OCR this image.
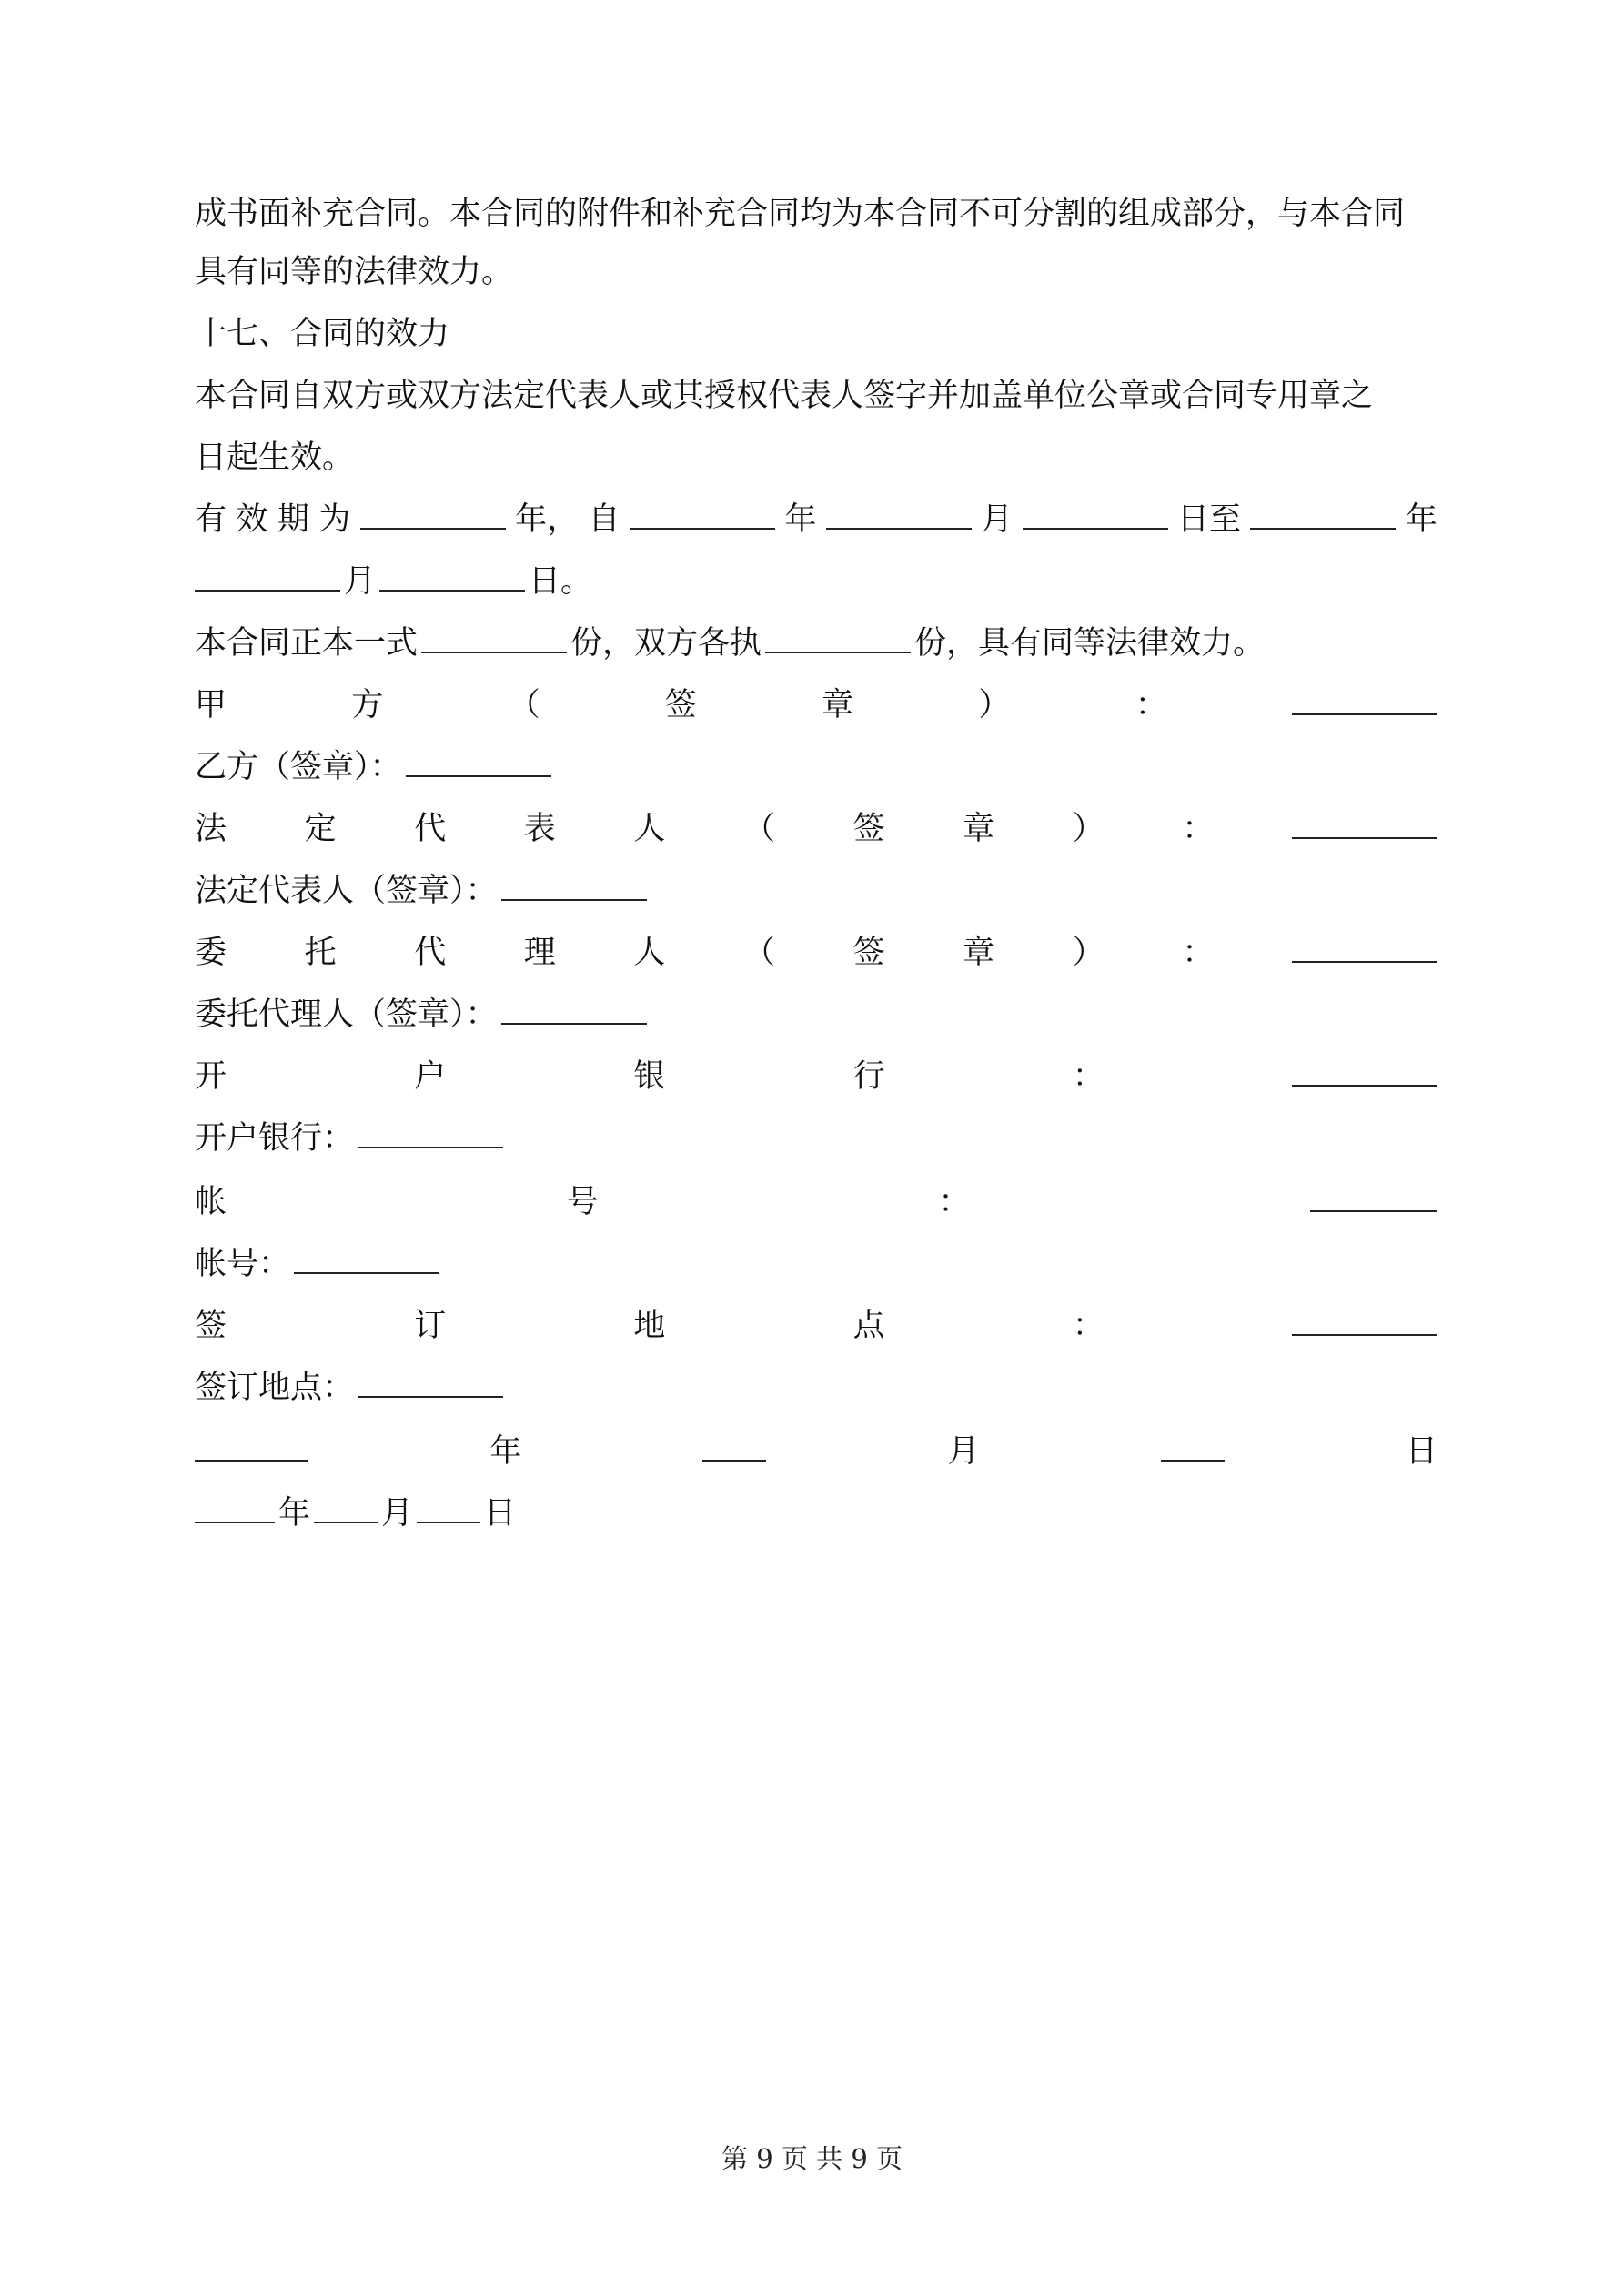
成书面补充合同。本合同的附件和补充合同均为本合同不可分割的组成部分，与本合同
具有同等的法律效力。
十七、合同的效力
本合同自双方或双方法定代表人或其授权代表人签字并加盖单位公章或合同专用章之
日起生效。
有 效 期 为	年， 自	年	月	日至	年
月	日。
本合同正本一式	份，双方各执	份，具有同等法律效力。
甲	方	（	签	章	）	：
乙方（签章）：
法 定 代 表 人 （ 签 章 ） ：
法定代表人（签章）：
委 托 代 理 人 （ 签 章 ） ：
委托代理人（签章）：
开	户	银	行	：
开户银行：
帐	号	：
帐号：
签	订	地	点	：
签订地点：
年	月	日
年 月 日
第 9 页 共 9 页
